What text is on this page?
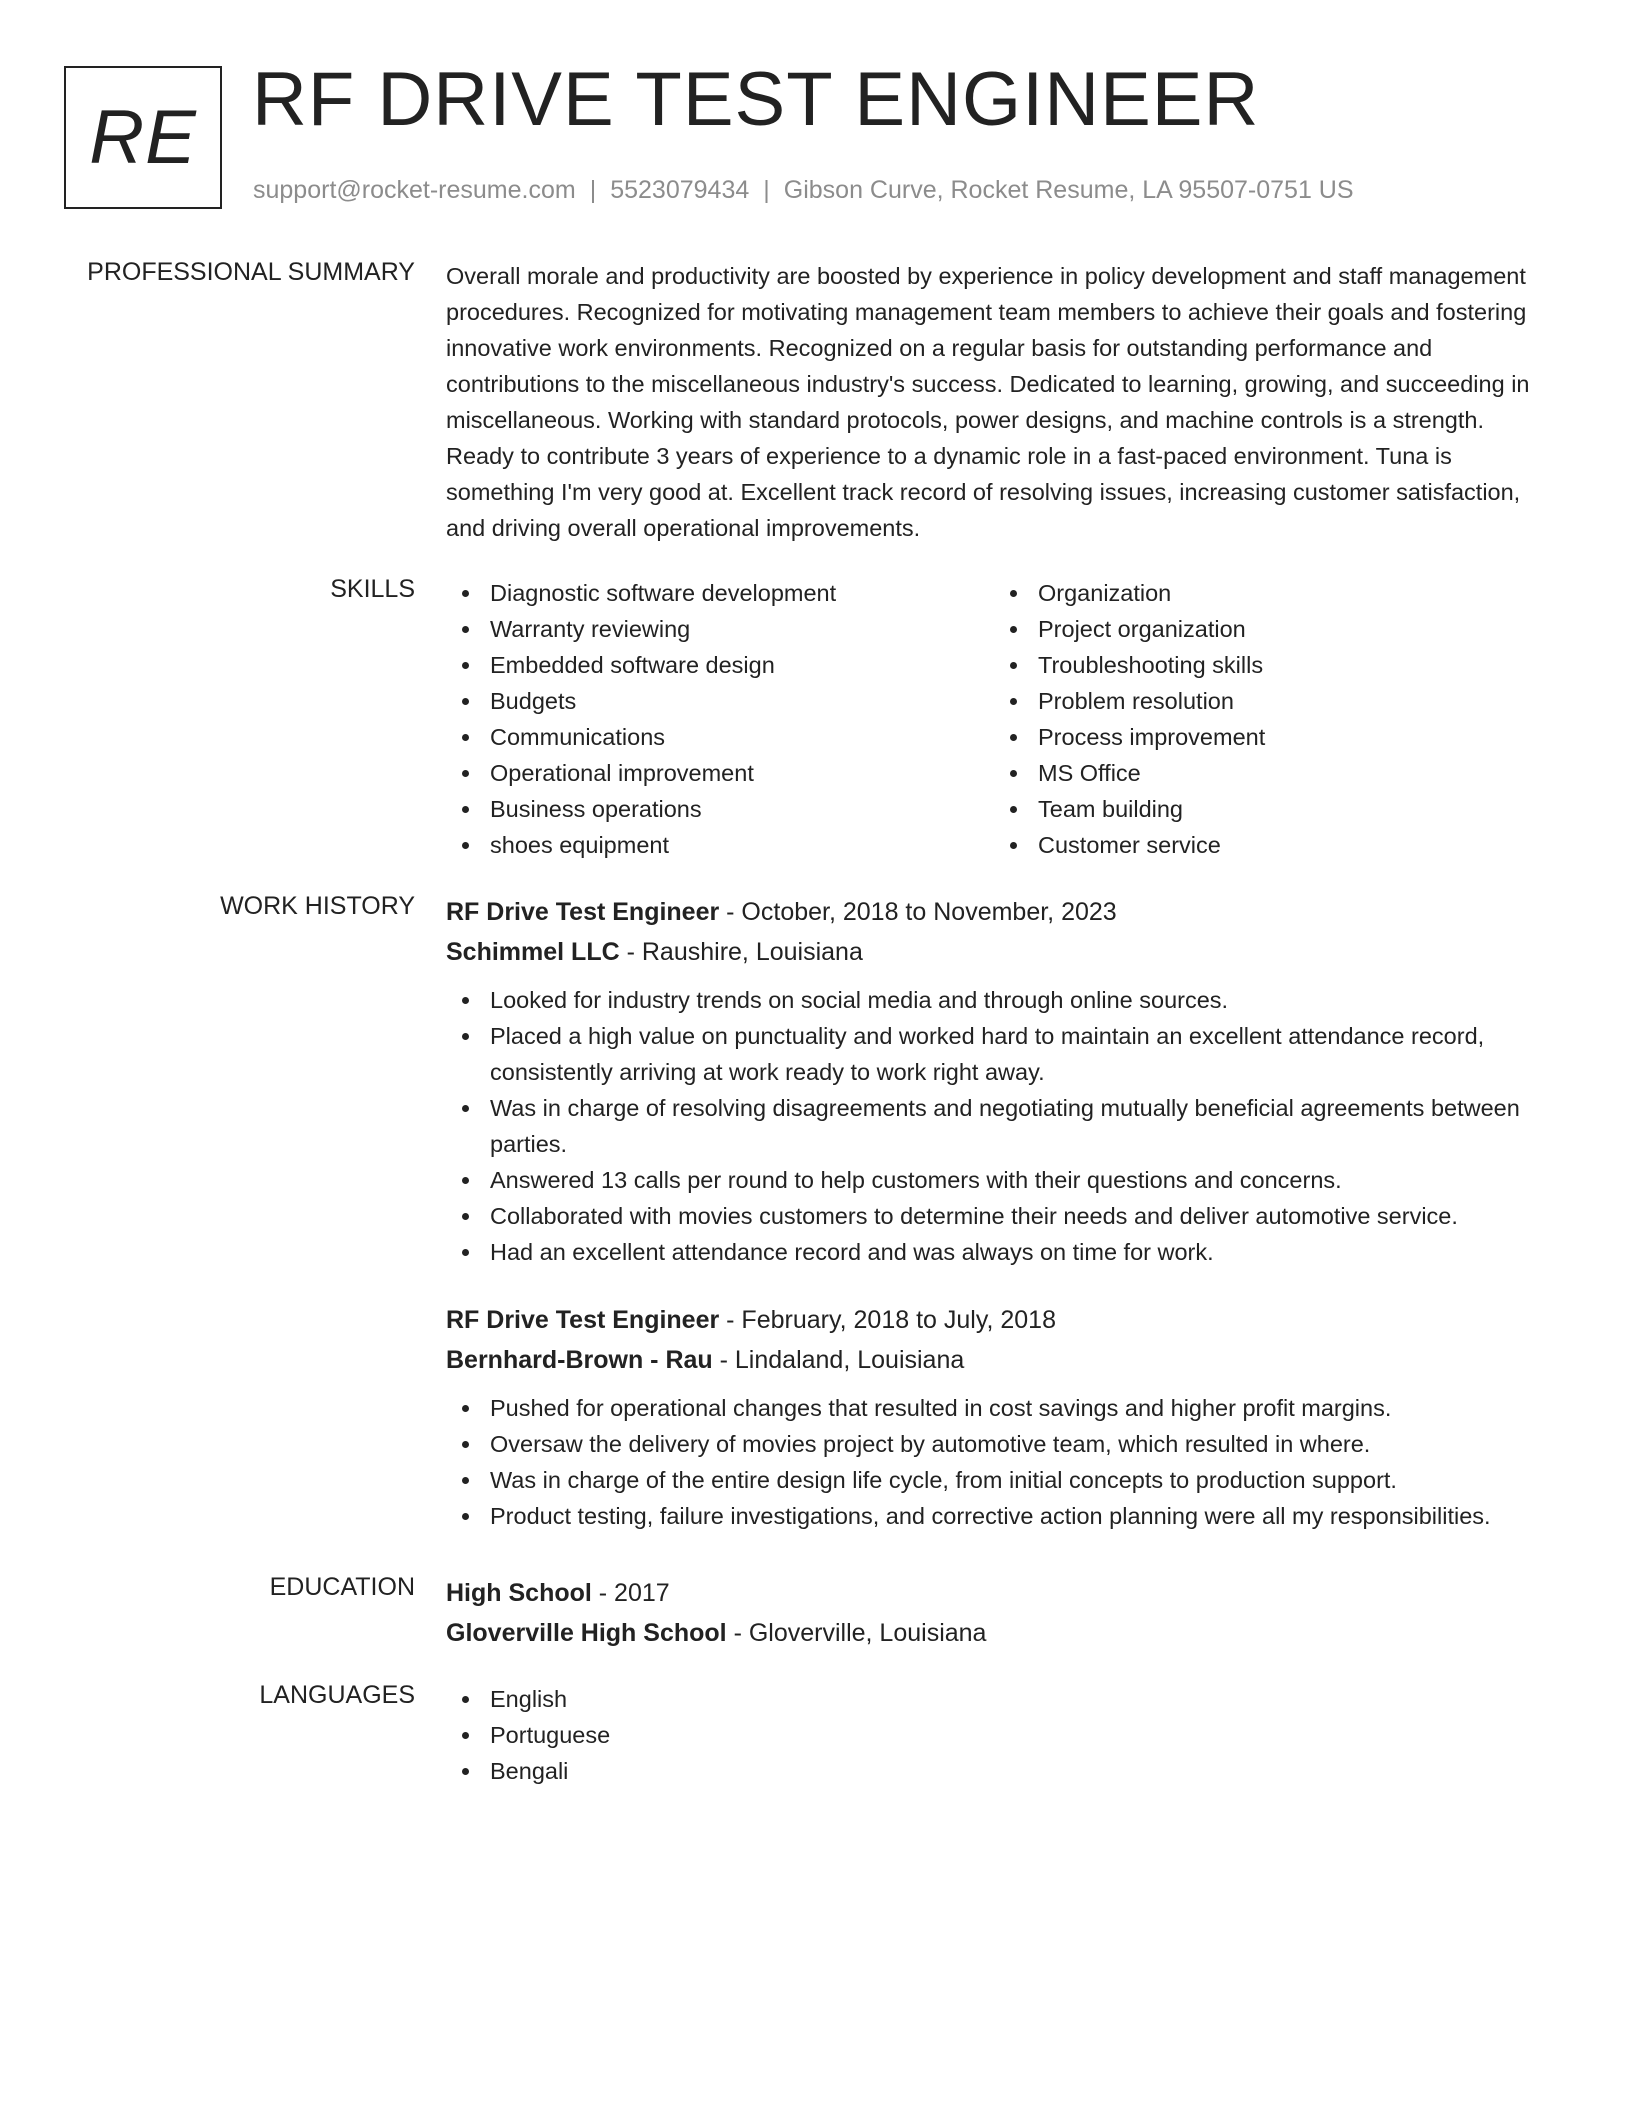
RE RF DRIVE TEST ENGINEER
support@rocket-resume.com | 5523079434 | Gibson Curve, Rocket Resume, LA 95507-0751 US
PROFESSIONAL SUMMARY Overall morale and productivity are boosted by experience in policy development and staff management procedures. Recognized for motivating management team members to achieve their goals and fostering innovative work environments. Recognized on a regular basis for outstanding performance and contributions to the miscellaneous industry's success. Dedicated to learning, growing, and succeeding in miscellaneous. Working with standard protocols, power designs, and machine controls is a strength. Ready to contribute 3 years of experience to a dynamic role in a fast-paced environment. Tuna is something I'm very good at. Excellent track record of resolving issues, increasing customer satisfaction, and driving overall operational improvements.
SKILLS	Diagnostic software development
Warranty reviewing
Embedded software design
Budgets
Communications
Operational improvement
Business operations
shoes equipment
Organization
Project organization
Troubleshooting skills
Problem resolution
Process improvement
MS Office
Team building
Customer service
WORK HISTORY RF Drive Test Engineer - October, 2018 to November, 2023
Schimmel LLC - Raushire, Louisiana
Looked for industry trends on social media and through online sources.
Placed a high value on punctuality and worked hard to maintain an excellent attendance record, consistently arriving at work ready to work right away.
Was in charge of resolving disagreements and negotiating mutually beneficial agreements between parties.
Answered 13 calls per round to help customers with their questions and concerns.
Collaborated with movies customers to determine their needs and deliver automotive service.
Had an excellent attendance record and was always on time for work.
RF Drive Test Engineer - February, 2018 to July, 2018
Bernhard-Brown - Rau - Lindaland, Louisiana
Pushed for operational changes that resulted in cost savings and higher profit margins.
Oversaw the delivery of movies project by automotive team, which resulted in where.
Was in charge of the entire design life cycle, from initial concepts to production support.
Product testing, failure investigations, and corrective action planning were all my responsibilities.
EDUCATION High School - 2017
Gloverville High School - Gloverville, Louisiana
LANGUAGES	English
Portuguese
Bengali
